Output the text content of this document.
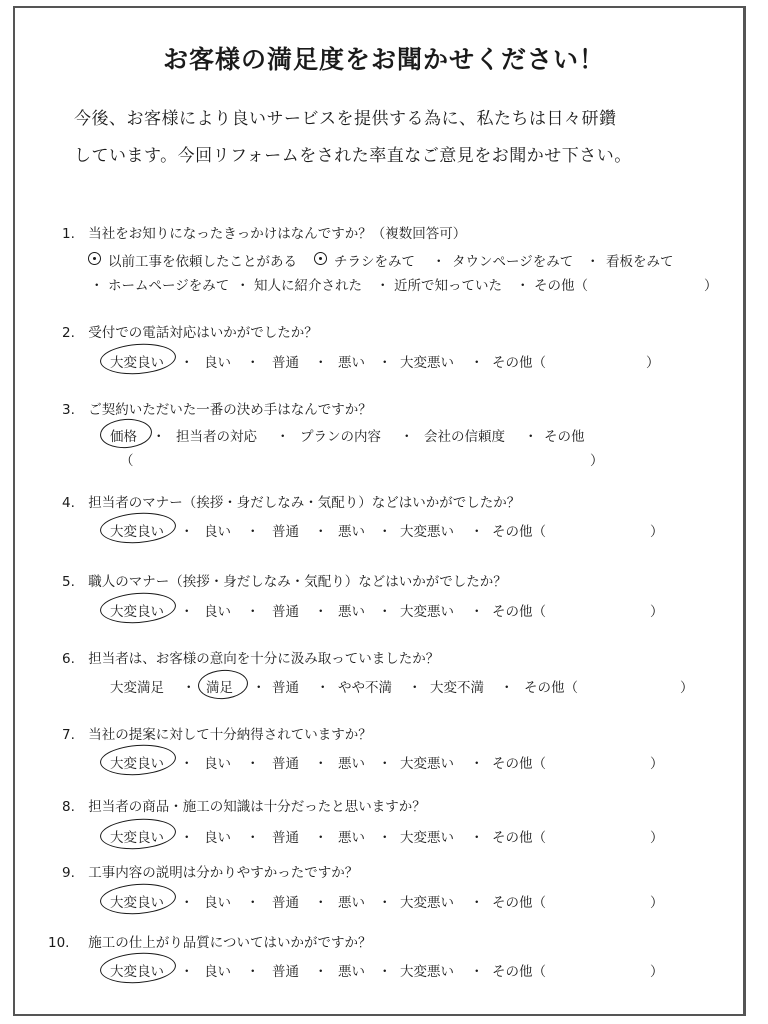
お客様の満足度をお聞かせください！
今後、お客様により良いサービスを提供する為に、私たちは日々研鑽
しています。今回リフォームをされた率直なご意見をお聞かせ下さい。
1. 当社をお知りになったきっかけはなんですか？（複数回答可）
以前工事を依頼したことがある	チラシをみて ・ タウンページをみて ・ 看板をみて
・ ホームページをみて ・ 知人に紹介された ・ 近所で知っていた ・ その他（	）
2. 受付での電話対応はいかがでしたか？
大変良い ・ 良い ・ 普通 ・ 悪い ・ 大変悪い ・ その他（	）
3. ご契約いただいた一番の決め手はなんですか？
価格 ・ 担当者の対応 ・ プランの内容 ・ 会社の信頼度 ・ その他
（	）
4. 担当者のマナー（挨拶・身だしなみ・気配り）などはいかがでしたか？
大変良い ・ 良い ・ 普通 ・ 悪い ・ 大変悪い ・ その他（	）
5. 職人のマナー（挨拶・身だしなみ・気配り）などはいかがでしたか？
大変良い ・ 良い ・ 普通 ・ 悪い ・ 大変悪い ・ その他（	）
6. 担当者は、お客様の意向を十分に汲み取っていましたか？
大変満足 ・ 満足 ・ 普通 ・ やや不満 ・ 大変不満 ・ その他（	）
7. 当社の提案に対して十分納得されていますか？
大変良い ・ 良い ・ 普通 ・ 悪い ・ 大変悪い ・ その他（	）
8. 担当者の商品・施工の知識は十分だったと思いますか？
大変良い ・ 良い ・ 普通 ・ 悪い ・ 大変悪い ・ その他（	）
9. 工事内容の説明は分かりやすかったですか？
大変良い ・ 良い ・ 普通 ・ 悪い ・ 大変悪い ・ その他（	）
10. 施工の仕上がり品質についてはいかがですか？
大変良い ・ 良い ・ 普通 ・ 悪い ・ 大変悪い ・ その他（	）
